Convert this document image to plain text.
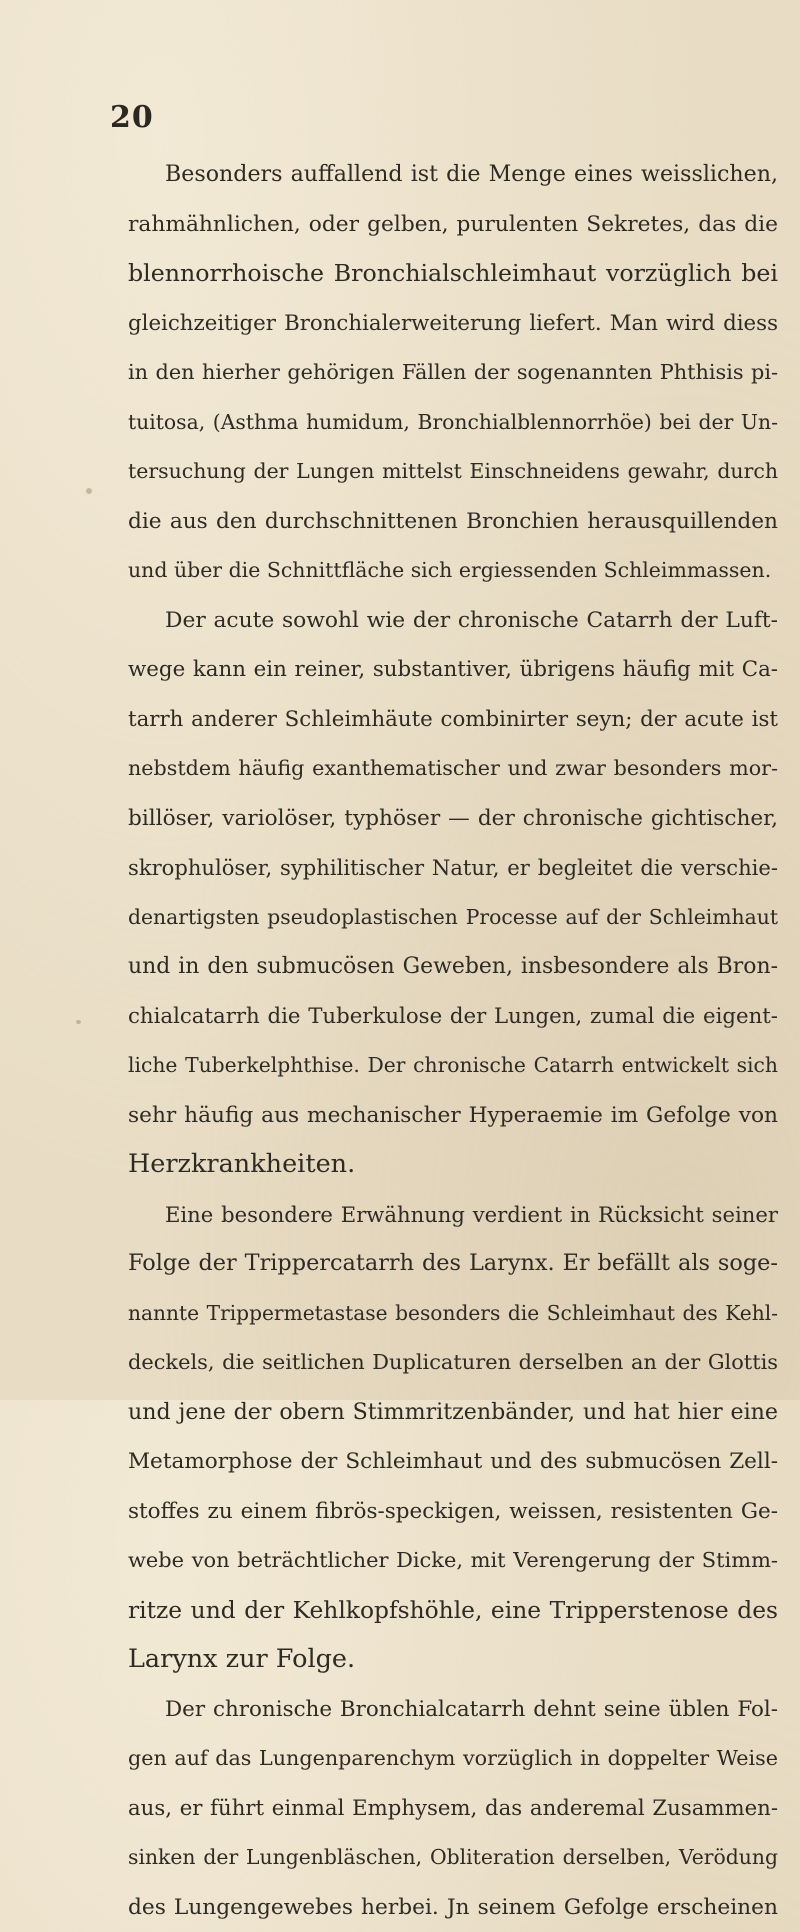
20
Besonders auffallend ist die Menge eines weisslichen,
rahmähnlichen, oder gelben, purulenten Sekretes, das die
blennorrhoische Bronchialschleimhaut vorzüglich bei
gleichzeitiger Bronchialerweiterung liefert. Man wird diess
in den hierher gehörigen Fällen der sogenannten Phthisis pi-
tuitosa, (Asthma humidum, Bronchialblennorrhöe) bei der Un-
tersuchung der Lungen mittelst Einschneidens gewahr, durch
die aus den durchschnittenen Bronchien herausquillenden
und über die Schnittfläche sich ergiessenden Schleimmassen.
Der acute sowohl wie der chronische Catarrh der Luft-
wege kann ein reiner, substantiver, übrigens häufig mit Ca-
tarrh anderer Schleimhäute combinirter seyn; der acute ist
nebstdem häufig exanthematischer und zwar besonders mor-
billöser, variolöser, typhöser — der chronische gichtischer,
skrophulöser, syphilitischer Natur, er begleitet die verschie-
denartigsten pseudoplastischen Processe auf der Schleimhaut
und in den submucösen Geweben, insbesondere als Bron-
chialcatarrh die Tuberkulose der Lungen, zumal die eigent-
liche Tuberkelphthise. Der chronische Catarrh entwickelt sich
sehr häufig aus mechanischer Hyperaemie im Gefolge von
Herzkrankheiten.
Eine besondere Erwähnung verdient in Rücksicht seiner
Folge der Trippercatarrh des Larynx. Er befällt als soge-
nannte Trippermetastase besonders die Schleimhaut des Kehl-
deckels, die seitlichen Duplicaturen derselben an der Glottis
und jene der obern Stimmritzenbänder, und hat hier eine
Metamorphose der Schleimhaut und des submucösen Zell-
stoffes zu einem fibrös-speckigen, weissen, resistenten Ge-
webe von beträchtlicher Dicke, mit Verengerung der Stimm-
ritze und der Kehlkopfshöhle, eine Tripperstenose des
Larynx zur Folge.
Der chronische Bronchialcatarrh dehnt seine üblen Fol-
gen auf das Lungenparenchym vorzüglich in doppelter Weise
aus, er führt einmal Emphysem, das anderemal Zusammen-
sinken der Lungenbläschen, Obliteration derselben, Verödung
des Lungengewebes herbei. Jn seinem Gefolge erscheinen
